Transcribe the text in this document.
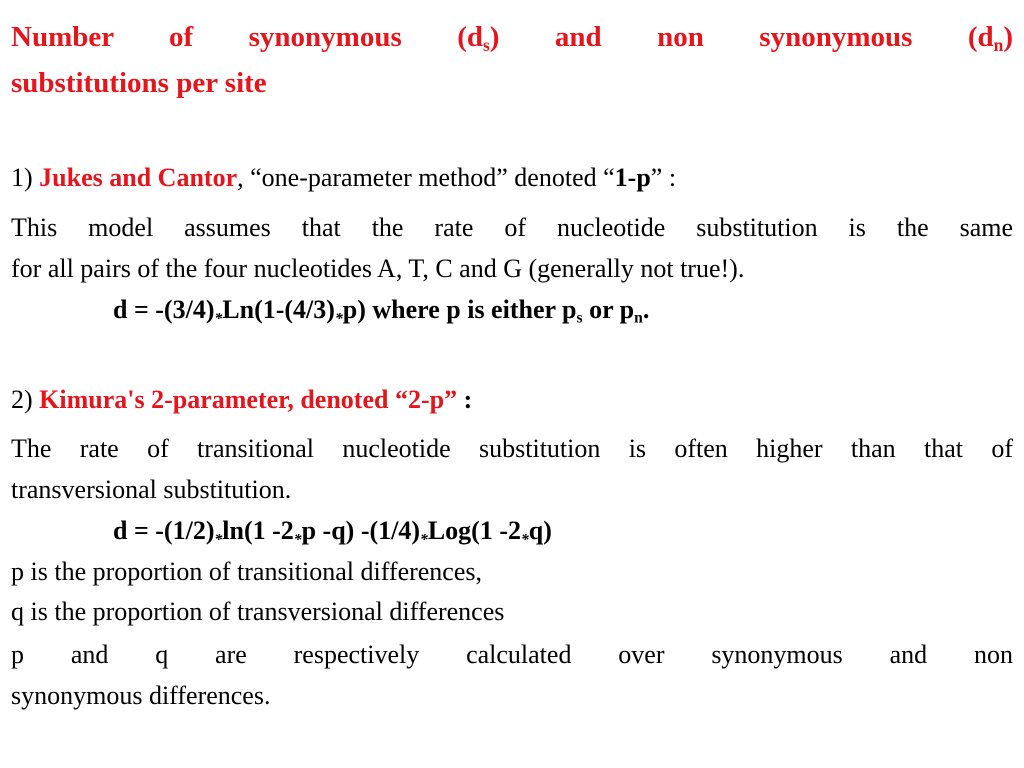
Number of synonymous $(d_s)$ and non synonymous $(d_n)$
substitutions per site
1) Jukes and Cantor, “one-parameter method” denoted “1-p” :
This model assumes that the rate of nucleotide substitution is the same
for all pairs of the four nucleotides A, T, C and G (generally not true!).
$d = -(3/4)_*Ln(1-(4/3)_*p)$ where p is either $p_s$ or $p_n$.
2) Kimura's 2-parameter, denoted “2-p” :
The rate of transitional nucleotide substitution is often higher than that of
transversional substitution.
$d = -(1/2)_*\ln(1$ $-2_*p$ -q) $-(1/4)_*Log(1$ $-2_*q$)
p is the proportion of transitional differences,
q is the proportion of transversional differences
p and q are respectively calculated over synonymous and non
synonymous differences.
